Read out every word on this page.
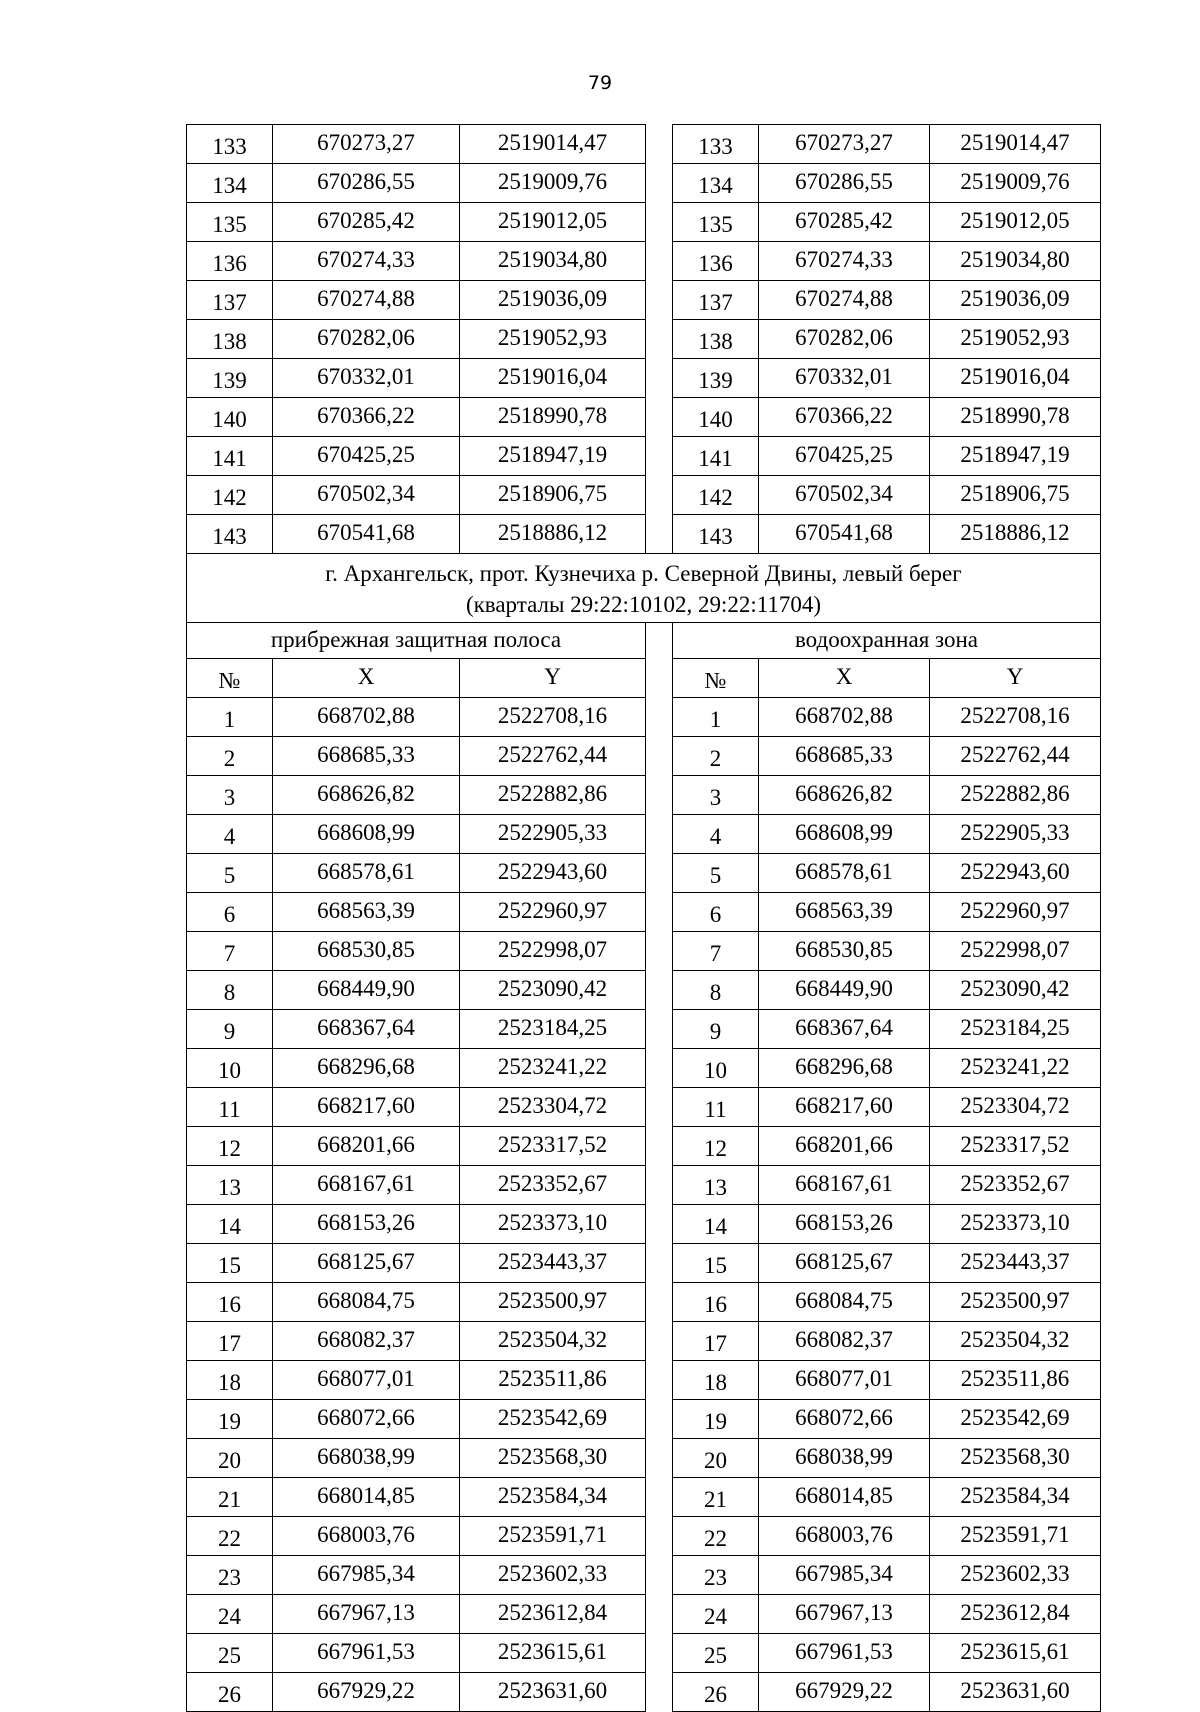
79
133	670273,27	2519014,47		133	670273,27	2519014,47
134	670286,55	2519009,76		134	670286,55	2519009,76
135	670285,42	2519012,05		135	670285,42	2519012,05
136	670274,33	2519034,80		136	670274,33	2519034,80
137	670274,88	2519036,09		137	670274,88	2519036,09
138	670282,06	2519052,93		138	670282,06	2519052,93
139	670332,01	2519016,04		139	670332,01	2519016,04
140	670366,22	2518990,78		140	670366,22	2518990,78
141	670425,25	2518947,19		141	670425,25	2518947,19
142	670502,34	2518906,75		142	670502,34	2518906,75
143	670541,68	2518886,12		143	670541,68	2518886,12
г. Архангельск, прот. Кузнечиха р. Северной Двины, левый берег
(кварталы 29:22:10102, 29:22:11704)						
прибрежная защитная полоса				водоохранная зона		
№	X	Y		№	X	Y
1	668702,88	2522708,16		1	668702,88	2522708,16
2	668685,33	2522762,44		2	668685,33	2522762,44
3	668626,82	2522882,86		3	668626,82	2522882,86
4	668608,99	2522905,33		4	668608,99	2522905,33
5	668578,61	2522943,60		5	668578,61	2522943,60
6	668563,39	2522960,97		6	668563,39	2522960,97
7	668530,85	2522998,07		7	668530,85	2522998,07
8	668449,90	2523090,42		8	668449,90	2523090,42
9	668367,64	2523184,25		9	668367,64	2523184,25
10	668296,68	2523241,22		10	668296,68	2523241,22
11	668217,60	2523304,72		11	668217,60	2523304,72
12	668201,66	2523317,52		12	668201,66	2523317,52
13	668167,61	2523352,67		13	668167,61	2523352,67
14	668153,26	2523373,10		14	668153,26	2523373,10
15	668125,67	2523443,37		15	668125,67	2523443,37
16	668084,75	2523500,97		16	668084,75	2523500,97
17	668082,37	2523504,32		17	668082,37	2523504,32
18	668077,01	2523511,86		18	668077,01	2523511,86
19	668072,66	2523542,69		19	668072,66	2523542,69
20	668038,99	2523568,30		20	668038,99	2523568,30
21	668014,85	2523584,34		21	668014,85	2523584,34
22	668003,76	2523591,71		22	668003,76	2523591,71
23	667985,34	2523602,33		23	667985,34	2523602,33
24	667967,13	2523612,84		24	667967,13	2523612,84
25	667961,53	2523615,61		25	667961,53	2523615,61
26	667929,22	2523631,60		26	667929,22	2523631,60
